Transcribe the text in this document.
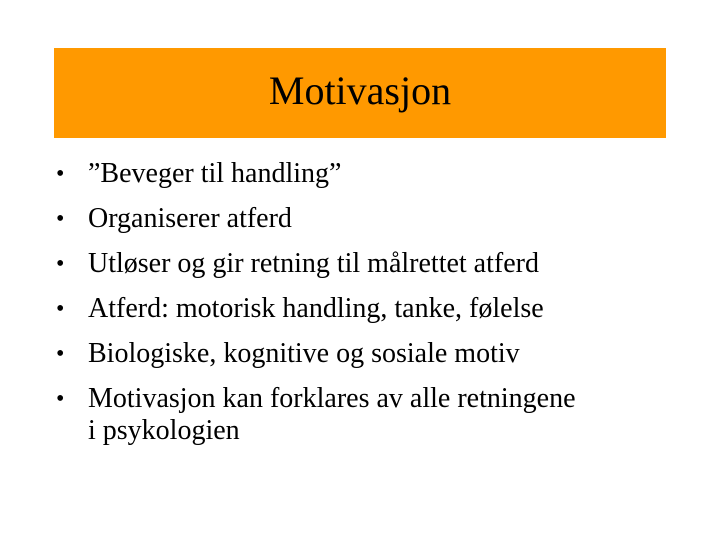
Motivasjon
• ”Beveger til handling”
• Organiserer atferd
• Utløser og gir retning til målrettet atferd
• Atferd: motorisk handling, tanke, følelse
• Biologiske, kognitive og sosiale motiv
• Motivasjon kan forklares av alle retningene
i psykologien
